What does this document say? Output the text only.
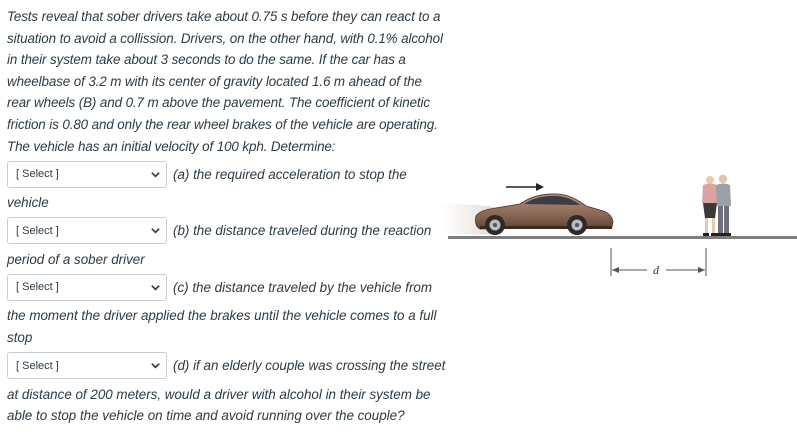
Tests reveal that sober drivers take about 0.75 s before they can react to a situation to avoid a collission. Drivers, on the other hand, with 0.1% alcohol in their system take about 3 seconds to do the same. If the car has a wheelbase of 3.2 m with its center of gravity located 1.6 m ahead of the rear wheels (B) and 0.7 m above the pavement. The coefficient of kinetic friction is 0.80 and only the rear wheel brakes of the vehicle are operating. The vehicle has an initial velocity of 100 kph. Determine:

[ Select ]	(a) the required acceleration to stop the

vehicle

[ Select ]	(b) the distance traveled during the reaction

period of a sober driver

[ Select ]	(c) the distance traveled by the vehicle from

the moment the driver applied the brakes until the vehicle comes to a full stop

[ Select ]	(d) if an elderly couple was crossing the street

at distance of 200 meters, would a driver with alcohol in their system be able to stop the vehicle on time and avoid running over the couple?

d
